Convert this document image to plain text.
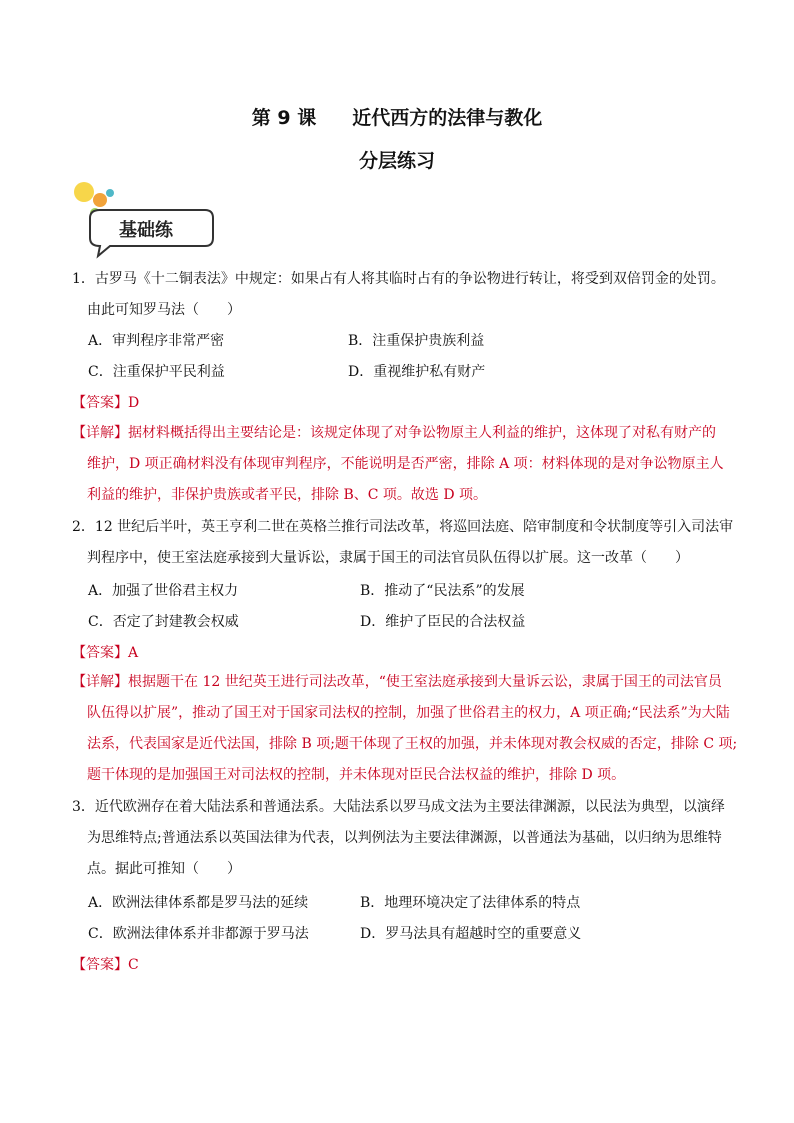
第 9 课 近代西方的法律与教化
分层练习
基础练
1．古罗马《十二铜表法》中规定：如果占有人将其临时占有的争讼物进行转让，将受到双倍罚金的处罚。
由此可知罗马法（　　）
A．审判程序非常严密	B．注重保护贵族利益
C．注重保护平民利益	D．重视维护私有财产
【答案】D
【详解】据材料概括得出主要结论是：该规定体现了对争讼物原主人利益的维护，这体现了对私有财产的
维护，D 项正确材料没有体现审判程序，不能说明是否严密，排除 A 项：材料体现的是对争讼物原主人
利益的维护，非保护贵族或者平民，排除 B、C 项。故选 D 项。
2．12 世纪后半叶，英王亨利二世在英格兰推行司法改革，将巡回法庭、陪审制度和令状制度等引入司法审
判程序中，使王室法庭承接到大量诉讼，隶属于国王的司法官员队伍得以扩展。这一改革（　　）
A．加强了世俗君主权力	B．推动了“民法系”的发展
C．否定了封建教会权威	D．维护了臣民的合法权益
【答案】A
【详解】根据题干在 12 世纪英王进行司法改革，“使王室法庭承接到大量诉云讼，隶属于国王的司法官员
队伍得以扩展”，推动了国王对于国家司法权的控制，加强了世俗君主的权力，A 项正确;“民法系”为大陆
法系，代表国家是近代法国，排除 B 项;题干体现了王权的加强，并未体现对教会权威的否定，排除 C 项;
题干体现的是加强国王对司法权的控制，并未体现对臣民合法权益的维护，排除 D 项。
3．近代欧洲存在着大陆法系和普通法系。大陆法系以罗马成文法为主要法律渊源，以民法为典型，以演绎
为思维特点;普通法系以英国法律为代表，以判例法为主要法律渊源，以普通法为基础，以归纳为思维特
点。据此可推知（　　）
A．欧洲法律体系都是罗马法的延续	B．地理环境决定了法律体系的特点
C．欧洲法律体系并非都源于罗马法	D．罗马法具有超越时空的重要意义
【答案】C
